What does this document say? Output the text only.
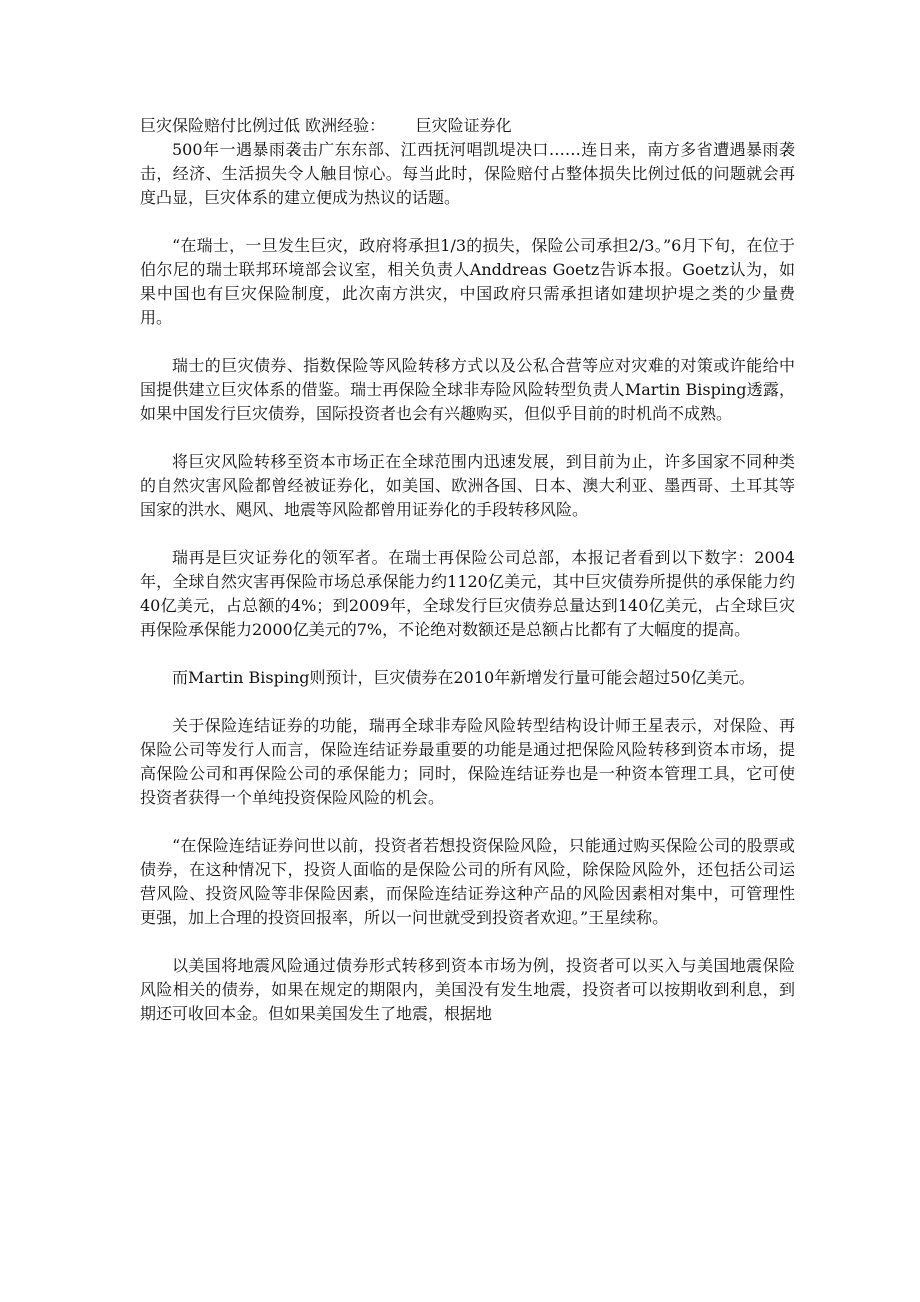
巨灾保险赔付比例过低 欧洲经验：      巨灾险证券化

500年一遇暴雨袭击广东东部、江西抚河唱凯堤决口……连日来，南方多省遭遇暴雨袭击，经济、生活损失令人触目惊心。每当此时，保险赔付占整体损失比例过低的问题就会再度凸显，巨灾体系的建立便成为热议的话题。

“在瑞士，一旦发生巨灾，政府将承担1/3的损失，保险公司承担2/3。”6月下旬，在位于伯尔尼的瑞士联邦环境部会议室，相关负责人Anddreas Goetz告诉本报。Goetz认为，如果中国也有巨灾保险制度，此次南方洪灾，中国政府只需承担诸如建坝护堤之类的少量费用。

瑞士的巨灾债券、指数保险等风险转移方式以及公私合营等应对灾难的对策或许能给中国提供建立巨灾体系的借鉴。瑞士再保险全球非寿险风险转型负责人Martin Bisping透露，如果中国发行巨灾债券，国际投资者也会有兴趣购买，但似乎目前的时机尚不成熟。

将巨灾风险转移至资本市场正在全球范围内迅速发展，到目前为止，许多国家不同种类的自然灾害风险都曾经被证券化，如美国、欧洲各国、日本、澳大利亚、墨西哥、土耳其等国家的洪水、飓风、地震等风险都曾用证券化的手段转移风险。

瑞再是巨灾证券化的领军者。在瑞士再保险公司总部，本报记者看到以下数字：2004年，全球自然灾害再保险市场总承保能力约1120亿美元，其中巨灾债券所提供的承保能力约40亿美元，占总额的4%；到2009年，全球发行巨灾债券总量达到140亿美元，占全球巨灾再保险承保能力2000亿美元的7%，不论绝对数额还是总额占比都有了大幅度的提高。

而Martin Bisping则预计，巨灾债券在2010年新增发行量可能会超过50亿美元。

关于保险连结证券的功能，瑞再全球非寿险风险转型结构设计师王星表示，对保险、再保险公司等发行人而言，保险连结证券最重要的功能是通过把保险风险转移到资本市场，提高保险公司和再保险公司的承保能力；同时，保险连结证券也是一种资本管理工具，它可使投资者获得一个单纯投资保险风险的机会。

“在保险连结证券问世以前，投资者若想投资保险风险，只能通过购买保险公司的股票或债券，在这种情况下，投资人面临的是保险公司的所有风险，除保险风险外，还包括公司运营风险、投资风险等非保险因素，而保险连结证券这种产品的风险因素相对集中，可管理性更强，加上合理的投资回报率，所以一问世就受到投资者欢迎。”王星续称。

以美国将地震风险通过债券形式转移到资本市场为例，投资者可以买入与美国地震保险风险相关的债券，如果在规定的期限内，美国没有发生地震，投资者可以按期收到利息，到期还可收回本金。但如果美国发生了地震，根据地
